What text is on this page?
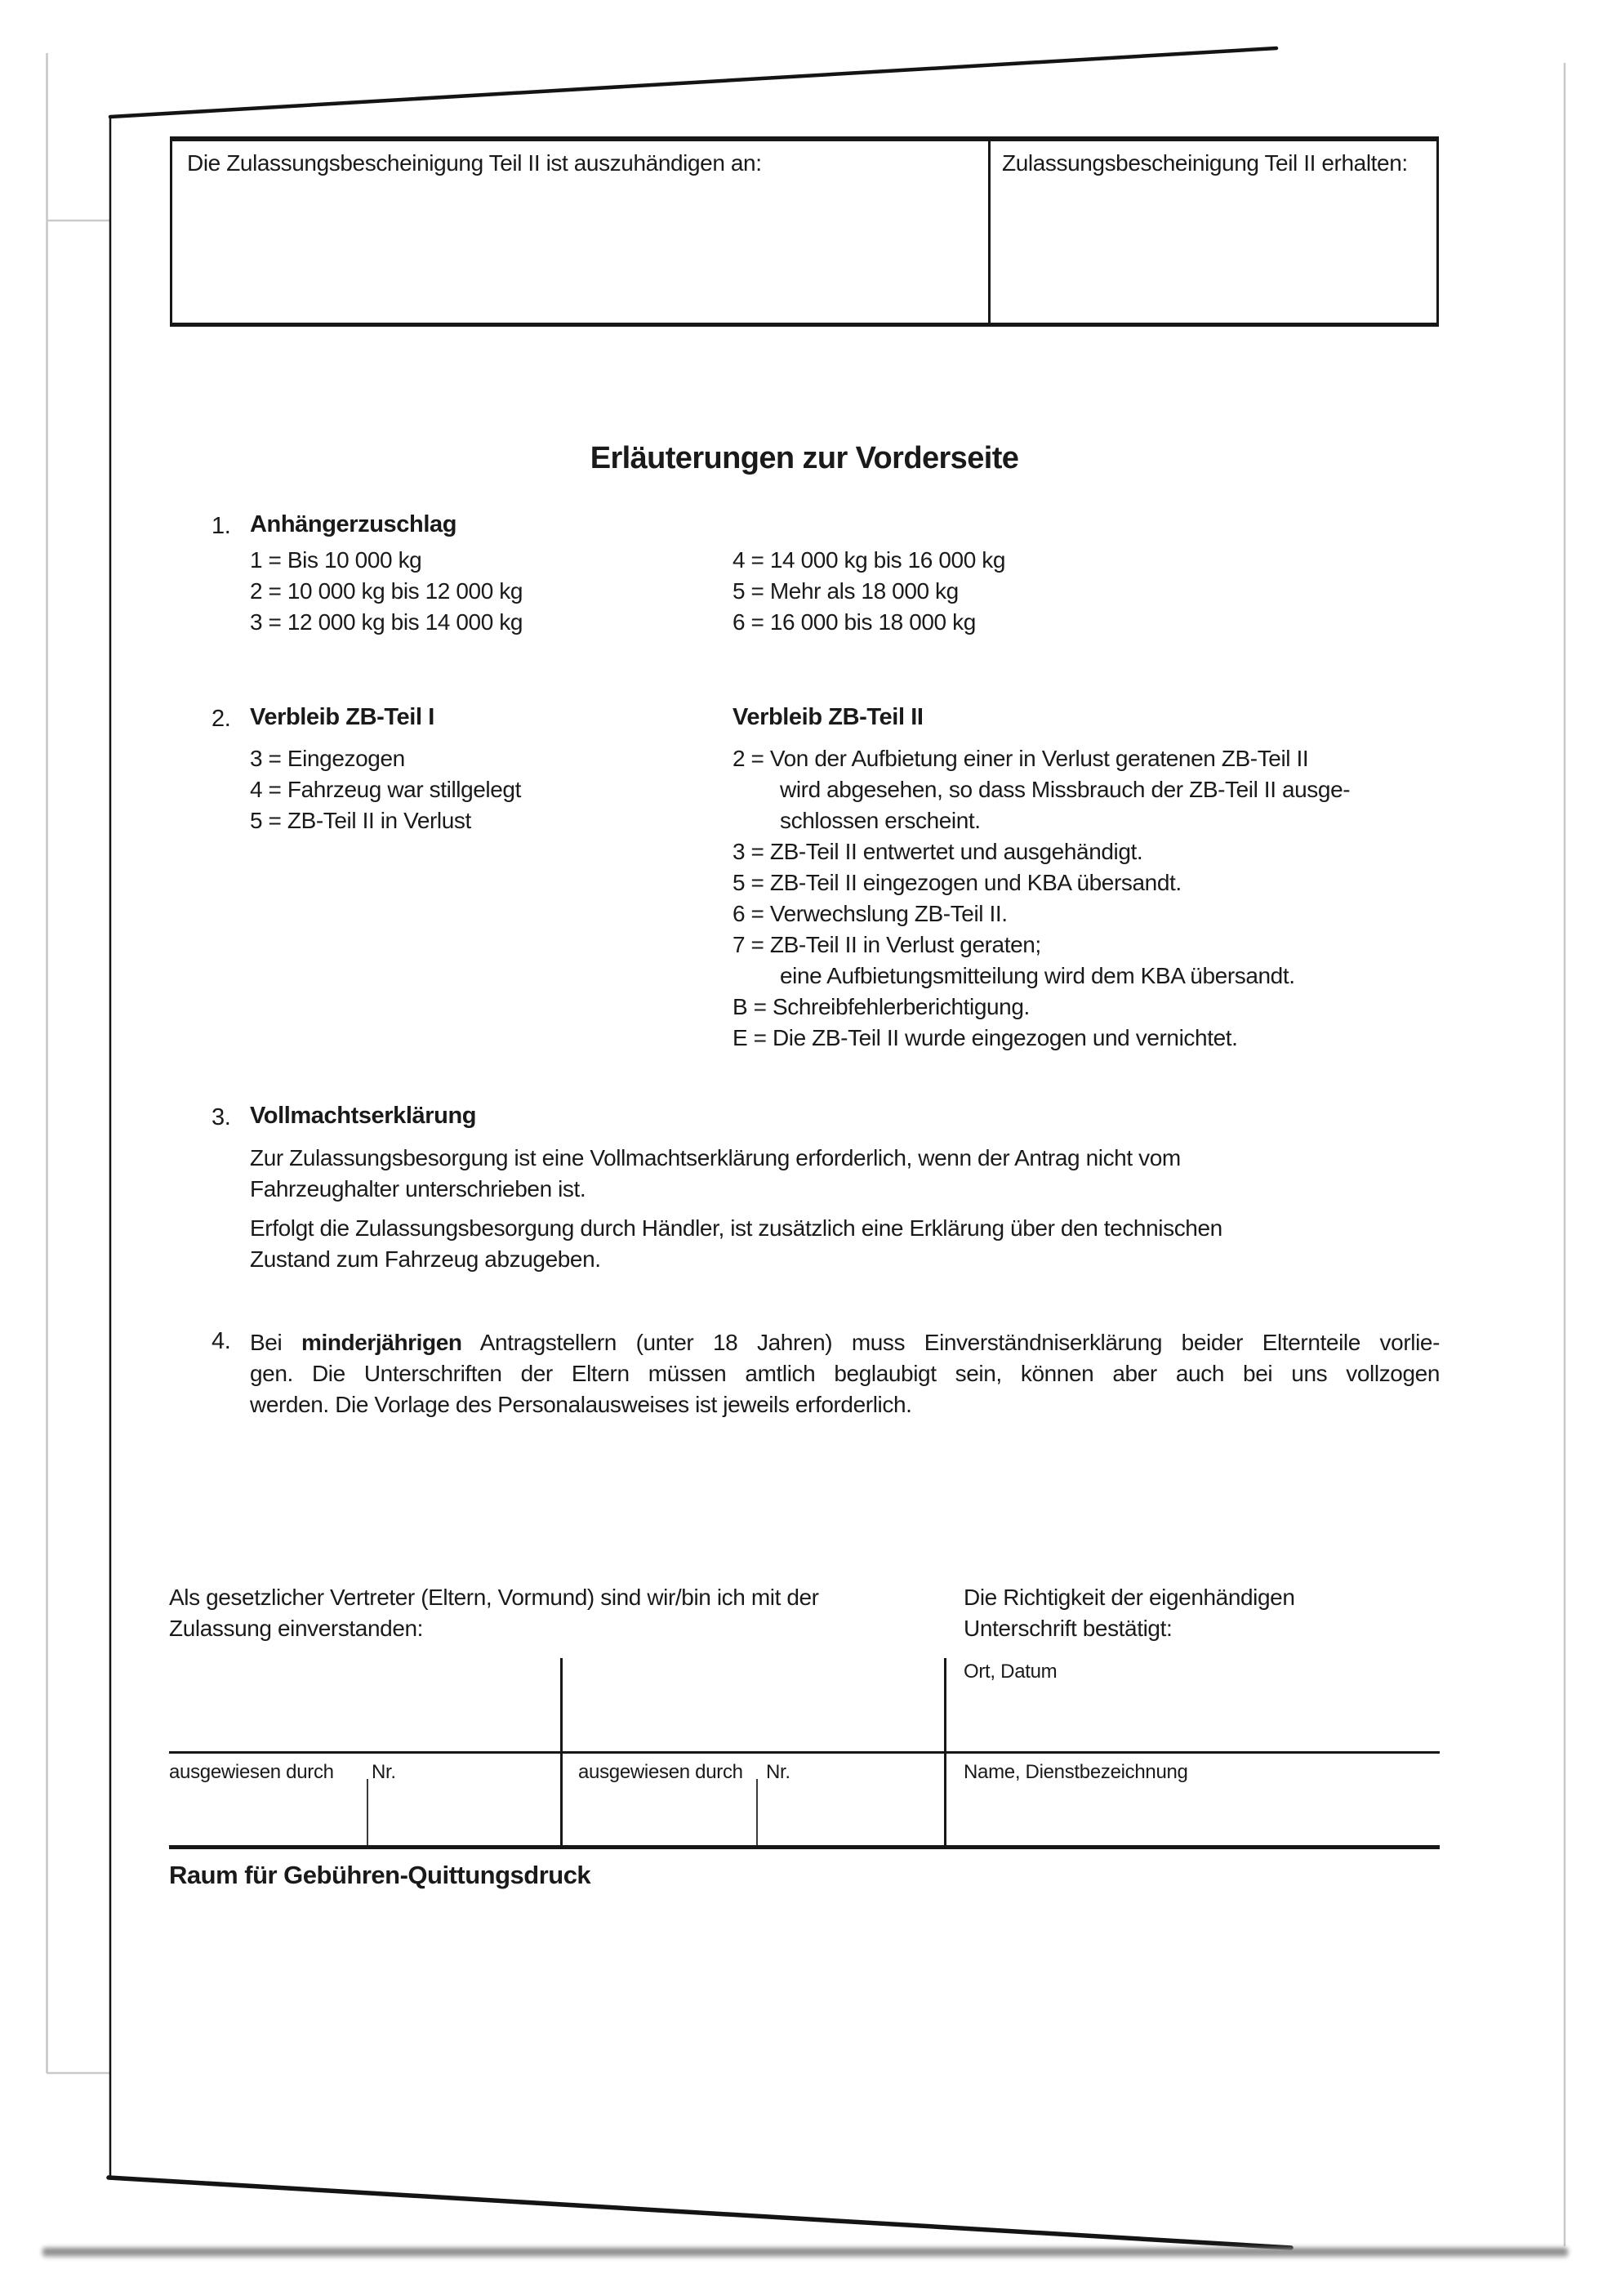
Die Zulassungsbescheinigung Teil II ist auszuhändigen an:	Zulassungsbescheinigung Teil II erhalten:
Erläuterungen zur Vorderseite
1. Anhängerzuschlag
1 = Bis 10 000 kg
2 = 10 000 kg bis 12 000 kg
3 = 12 000 kg bis 14 000 kg
4 = 14 000 kg bis 16 000 kg
5 = Mehr als 18 000 kg
6 = 16 000 bis 18 000 kg
2. Verbleib ZB-Teil I
3 = Eingezogen
4 = Fahrzeug war stillgelegt
5 = ZB-Teil II in Verlust
Verbleib ZB-Teil II
2 = Von der Aufbietung einer in Verlust geratenen ZB-Teil II
wird abgesehen, so dass Missbrauch der ZB-Teil II ausge-
schlossen erscheint.
3 = ZB-Teil II entwertet und ausgehändigt.
5 = ZB-Teil II eingezogen und KBA übersandt.
6 = Verwechslung ZB-Teil II.
7 = ZB-Teil II in Verlust geraten;
eine Aufbietungsmitteilung wird dem KBA übersandt.
B = Schreibfehlerberichtigung.
E = Die ZB-Teil II wurde eingezogen und vernichtet.
3. Vollmachtserklärung
Zur Zulassungsbesorgung ist eine Vollmachtserklärung erforderlich, wenn der Antrag nicht vom
Fahrzeughalter unterschrieben ist.
Erfolgt die Zulassungsbesorgung durch Händler, ist zusätzlich eine Erklärung über den technischen
Zustand zum Fahrzeug abzugeben.
4. Bei minderjährigen Antragstellern (unter 18 Jahren) muss Einverständniserklärung beider Elternteile vorlie-
gen. Die Unterschriften der Eltern müssen amtlich beglaubigt sein, können aber auch bei uns vollzogen
werden. Die Vorlage des Personalausweises ist jeweils erforderlich.
Als gesetzlicher Vertreter (Eltern, Vormund) sind wir/bin ich mit der
Zulassung einverstanden:
Die Richtigkeit der eigenhändigen
Unterschrift bestätigt:
Ort, Datum
ausgewiesen durch Nr.	ausgewiesen durch Nr.	Name, Dienstbezeichnung
Raum für Gebühren-Quittungsdruck
